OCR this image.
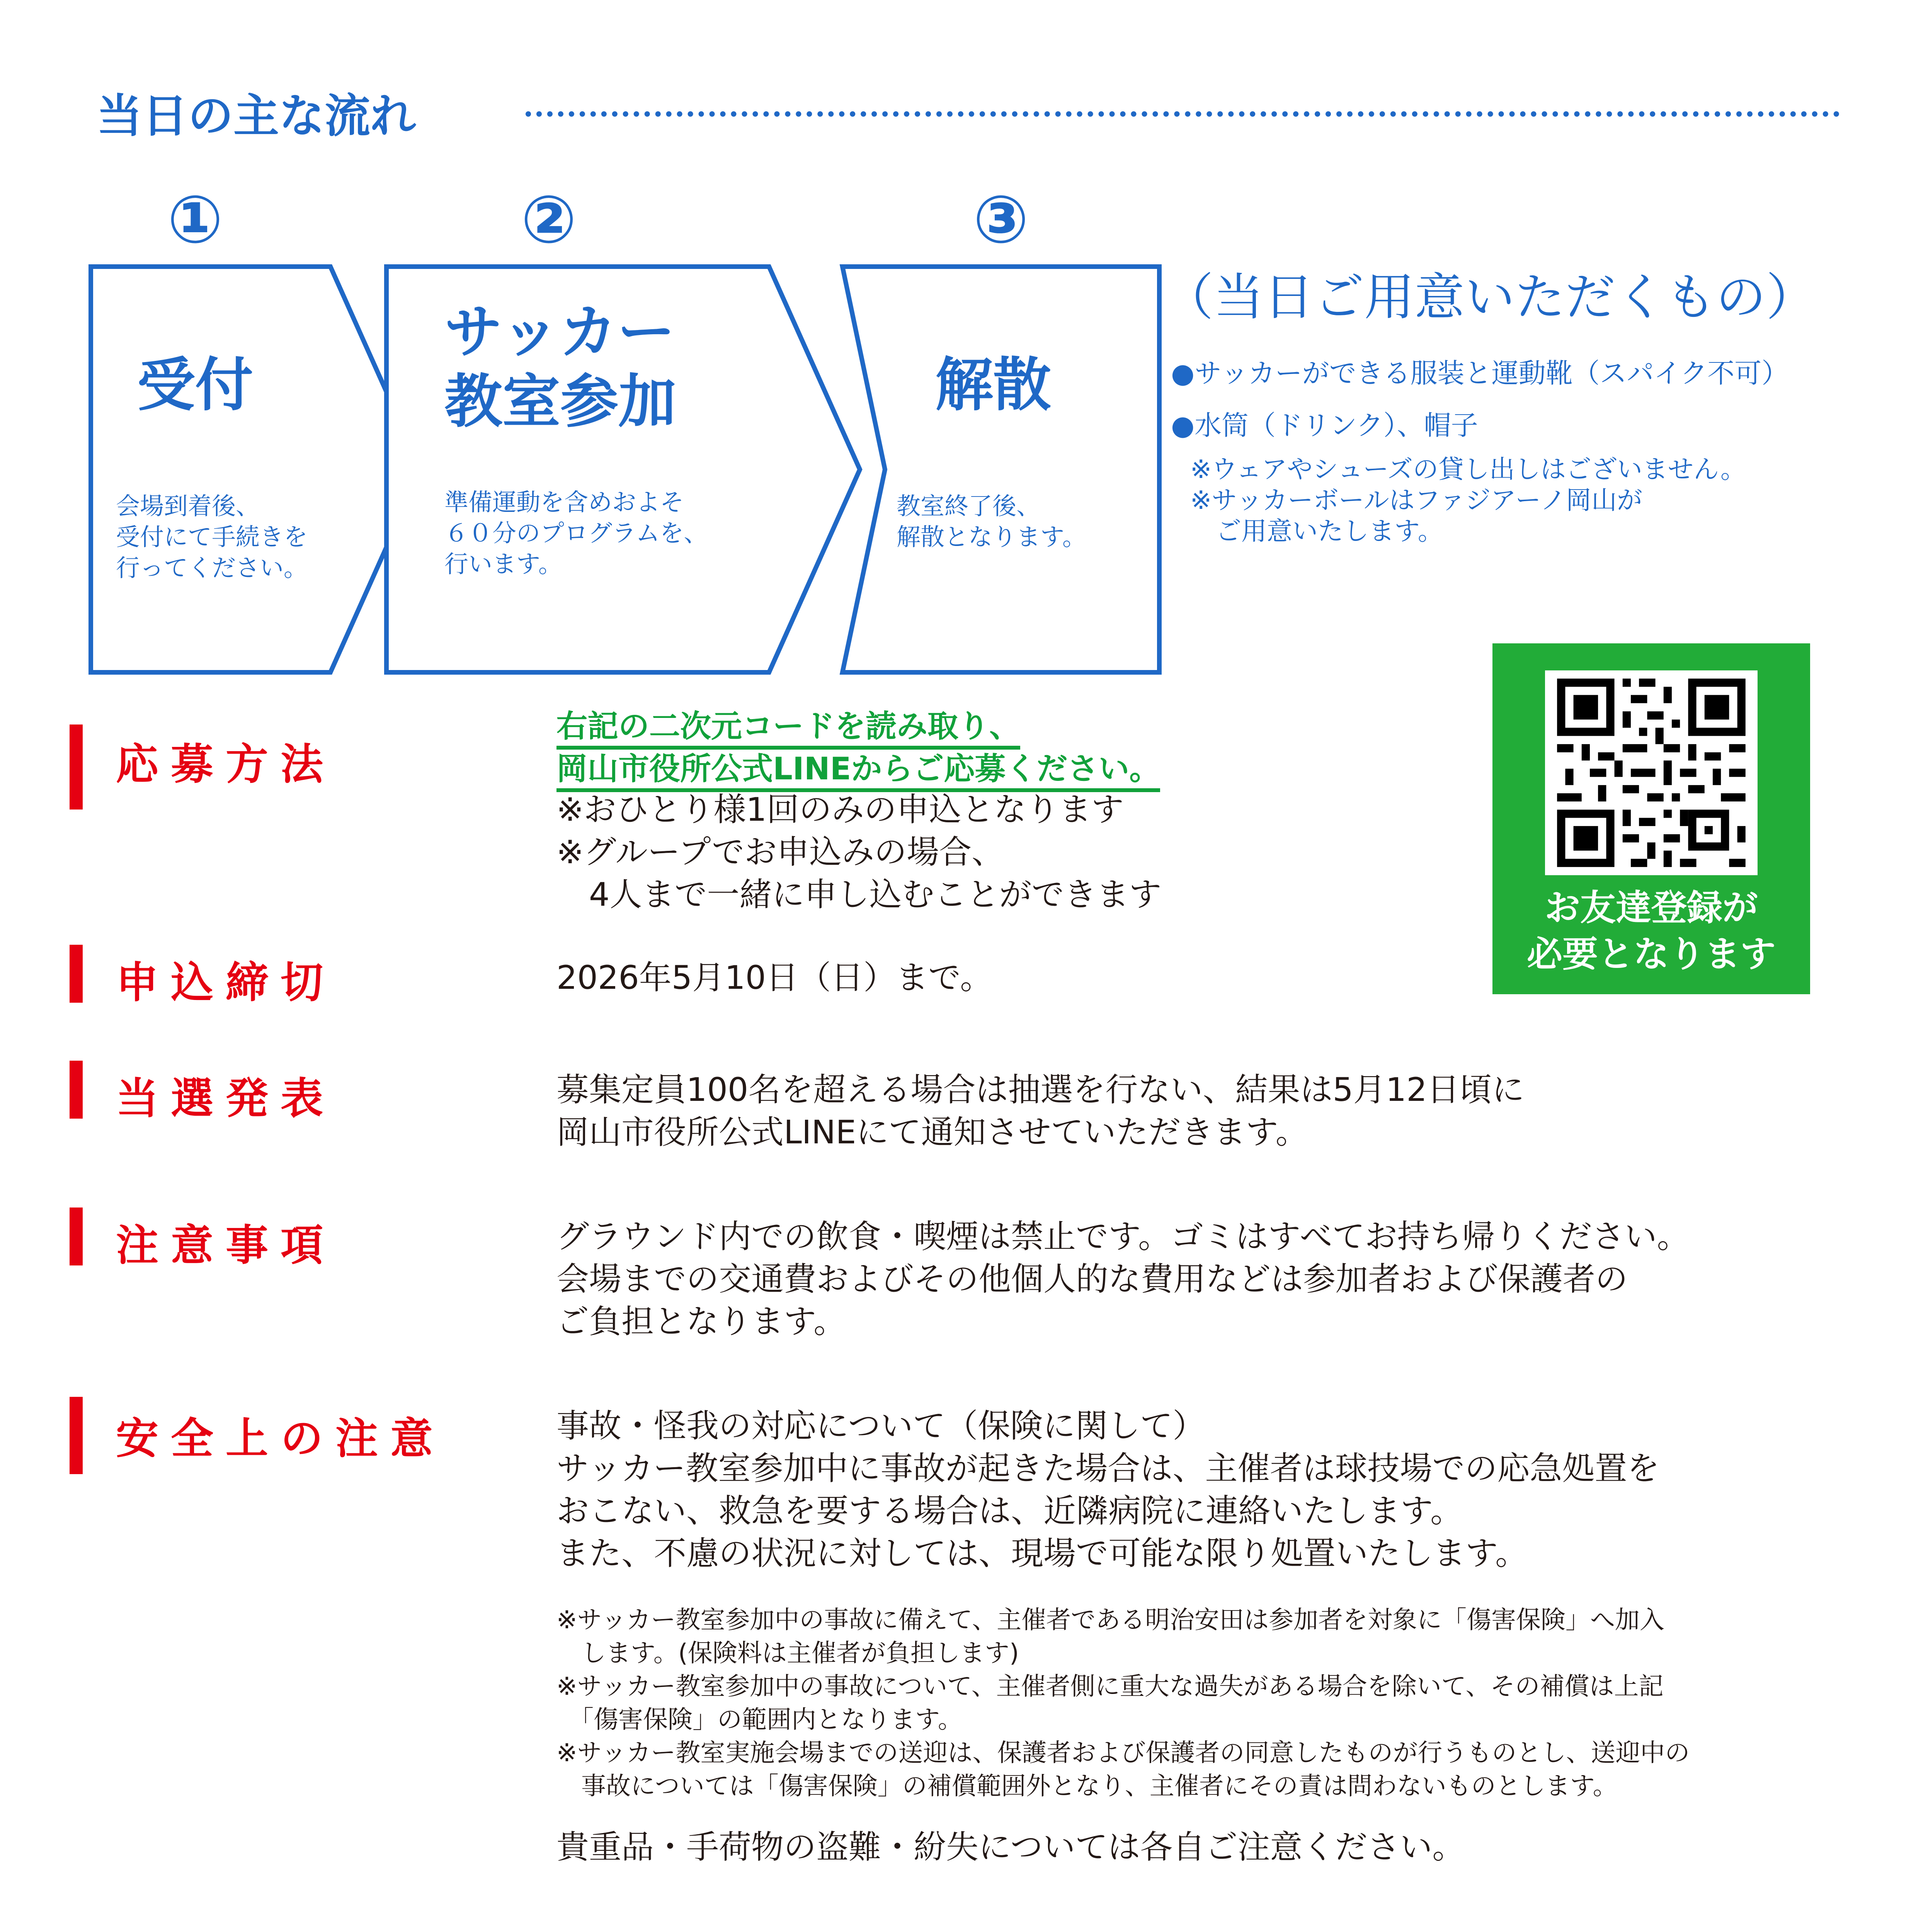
当日の主な流れ
①	②	③
受付
サッカー
教室参加	解散
会場到着後、
受付にて手続きを
行ってください。
準備運動を含めおよそ
６０分のプログラムを、
行います。
教室終了後、
解散となります。
（当日ご用意いただくもの）
●サッカーができる服装と運動靴（スパイク不可）
●水筒（ドリンク）、帽子
※ウェアやシューズの貸し出しはございません。
※サッカーボールはファジアーノ岡山が
　ご用意いたします。
応募方法
右記の二次元コードを読み取り、
岡山市役所公式LINEからご応募ください。
※おひとり様1回のみの申込となります
※グループでお申込みの場合、
　4人まで一緒に申し込むことができます	お友達登録が
必要となります
申込締切	2026年5月10日（日）まで。
当選発表	募集定員100名を超える場合は抽選を行ない、結果は5月12日頃に
岡山市役所公式LINEにて通知させていただきます。
注意事項	グラウンド内での飲食・喫煙は禁止です。ゴミはすべてお持ち帰りください。
会場までの交通費およびその他個人的な費用などは参加者および保護者の
ご負担となります。
安全上の注意	事故・怪我の対応について（保険に関して）
サッカー教室参加中に事故が起きた場合は、主催者は球技場での応急処置を
おこない、救急を要する場合は、近隣病院に連絡いたします。
また、不慮の状況に対しては、現場で可能な限り処置いたします。
※サッカー教室参加中の事故に備えて、主催者である明治安田は参加者を対象に「傷害保険」へ加入
　します。(保険料は主催者が負担します)
※サッカー教室参加中の事故について、主催者側に重大な過失がある場合を除いて、その補償は上記
　「傷害保険」の範囲内となります。
※サッカー教室実施会場までの送迎は、保護者および保護者の同意したものが行うものとし、送迎中の
　事故については「傷害保険」の補償範囲外となり、主催者にその責は問わないものとします。
貴重品・手荷物の盗難・紛失については各自ご注意ください。
